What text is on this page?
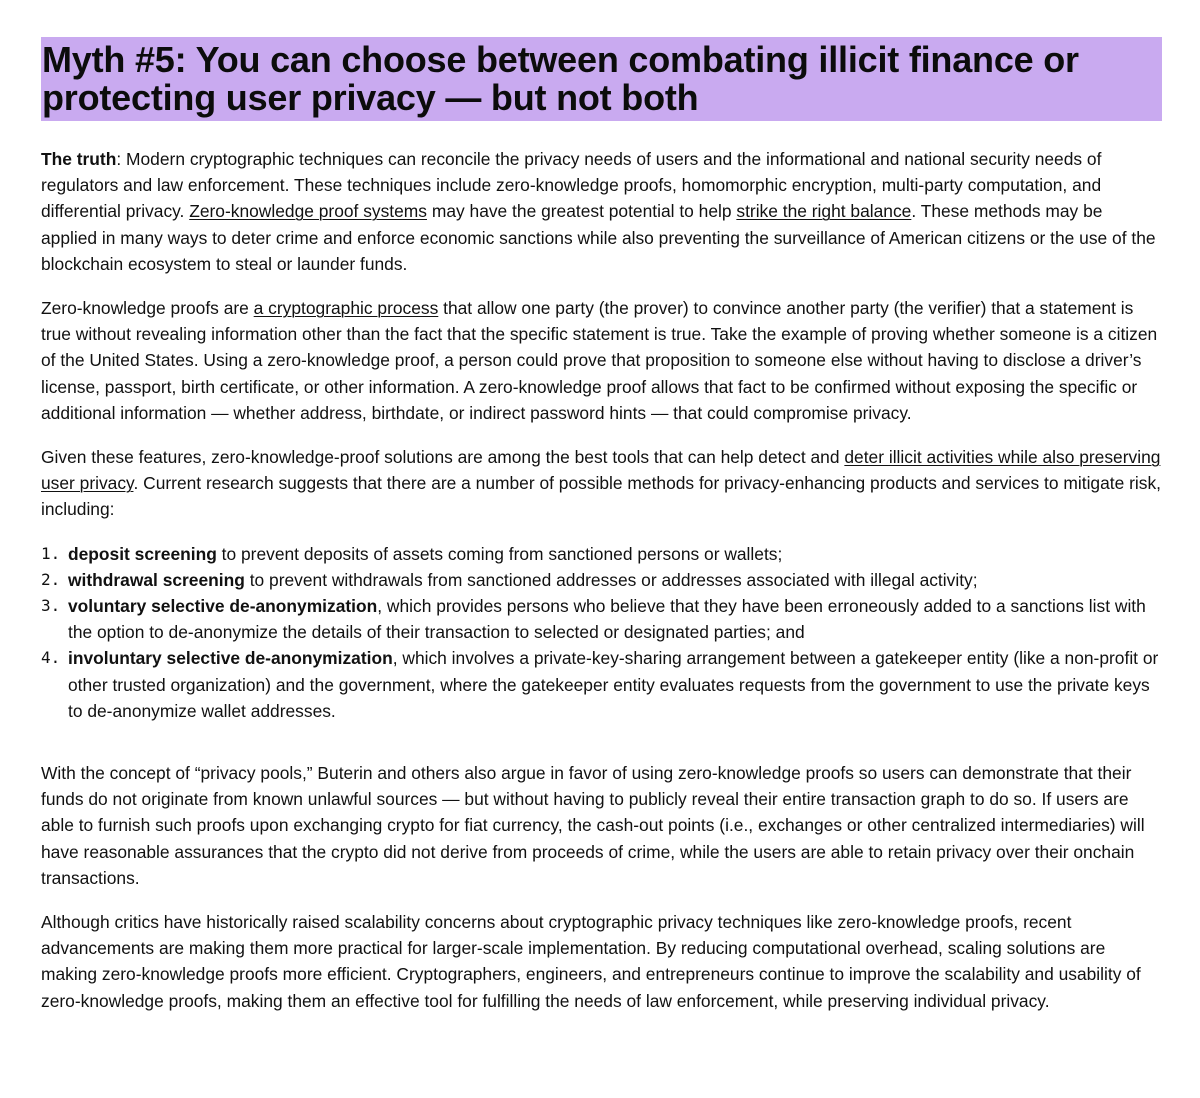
Myth #5: You can choose between combating illicit finance or protecting user privacy — but not both

The truth: Modern cryptographic techniques can reconcile the privacy needs of users and the informational and national security needs of regulators and law enforcement. These techniques include zero-knowledge proofs, homomorphic encryption, multi-party computation, and differential privacy. Zero-knowledge proof systems may have the greatest potential to help strike the right balance. These methods may be applied in many ways to deter crime and enforce economic sanctions while also preventing the surveillance of American citizens or the use of the blockchain ecosystem to steal or launder funds.

Zero-knowledge proofs are a cryptographic process that allow one party (the prover) to convince another party (the verifier) that a statement is true without revealing information other than the fact that the specific statement is true. Take the example of proving whether someone is a citizen of the United States. Using a zero-knowledge proof, a person could prove that proposition to someone else without having to disclose a driver’s license, passport, birth certificate, or other information. A zero-knowledge proof allows that fact to be confirmed without exposing the specific or additional information — whether address, birthdate, or indirect password hints — that could compromise privacy.

Given these features, zero-knowledge-proof solutions are among the best tools that can help detect and deter illicit activities while also preserving user privacy. Current research suggests that there are a number of possible methods for privacy-enhancing products and services to mitigate risk, including:

1. deposit screening to prevent deposits of assets coming from sanctioned persons or wallets;
2. withdrawal screening to prevent withdrawals from sanctioned addresses or addresses associated with illegal activity;
3. voluntary selective de-anonymization, which provides persons who believe that they have been erroneously added to a sanctions list with the option to de-anonymize the details of their transaction to selected or designated parties; and
4. involuntary selective de-anonymization, which involves a private-key-sharing arrangement between a gatekeeper entity (like a non-profit or other trusted organization) and the government, where the gatekeeper entity evaluates requests from the government to use the private keys to de-anonymize wallet addresses.

With the concept of “privacy pools,” Buterin and others also argue in favor of using zero-knowledge proofs so users can demonstrate that their funds do not originate from known unlawful sources — but without having to publicly reveal their entire transaction graph to do so. If users are able to furnish such proofs upon exchanging crypto for fiat currency, the cash-out points (i.e., exchanges or other centralized intermediaries) will have reasonable assurances that the crypto did not derive from proceeds of crime, while the users are able to retain privacy over their onchain transactions.

Although critics have historically raised scalability concerns about cryptographic privacy techniques like zero-knowledge proofs, recent advancements are making them more practical for larger-scale implementation. By reducing computational overhead, scaling solutions are making zero-knowledge proofs more efficient. Cryptographers, engineers, and entrepreneurs continue to improve the scalability and usability of zero-knowledge proofs, making them an effective tool for fulfilling the needs of law enforcement, while preserving individual privacy.
